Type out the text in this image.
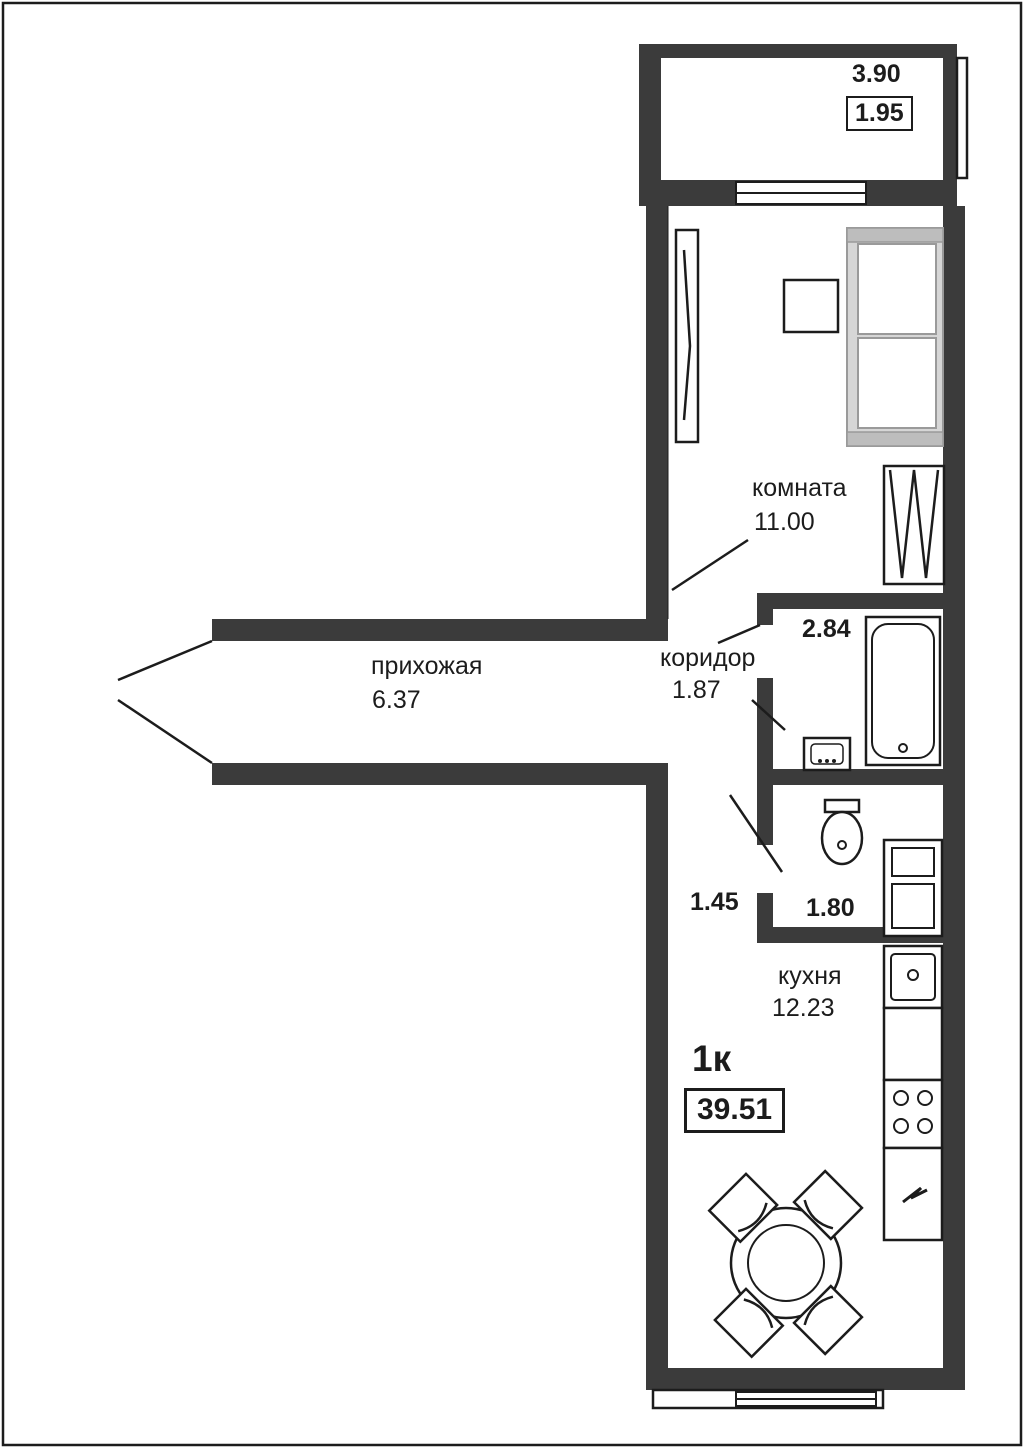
3.90
1.95
комната
11.00
прихожая
6.37
коридор
1.87
2.84
1.45	1.80
кухня
12.23
1к
39.51
